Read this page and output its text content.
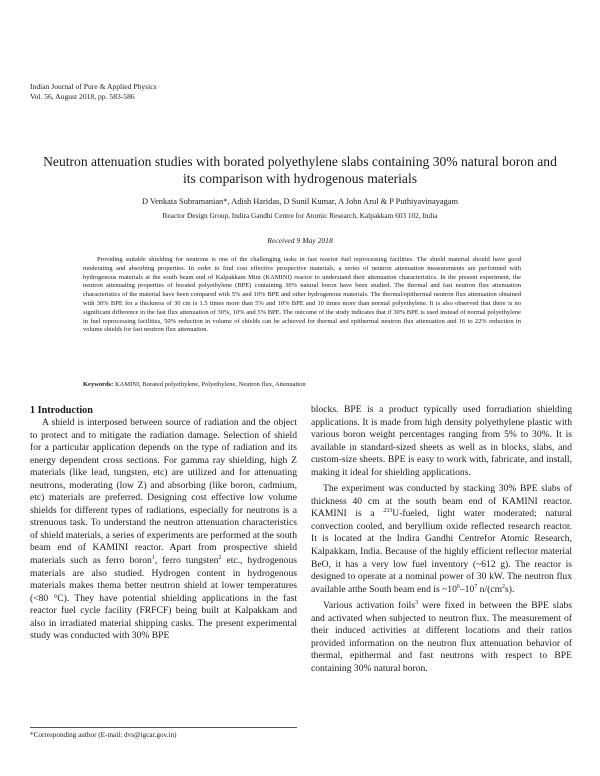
Indian Journal of Pure & Applied Physics
Vol. 56, August 2018, pp. 583-586
Neutron attenuation studies with borated polyethylene slabs containing 30% natural boron and its comparison with hydrogenous materials
D Venkata Subramanian*, Adish Haridas, D Sunil Kumar, A John Arul & P Puthiyavinayagam
Reactor Design Group, Indira Gandhi Centre for Atomic Research, Kalpakkam 603 102, India
Received 9 May 2018
Providing suitable shielding for neutrons is one of the challenging tasks in fast reactor fuel reprocessing facilities. The shield material should have good moderating and absorbing properties. In order to find cost effective prospective materials, a series of neutron attenuation measurements are performed with hydrogenous materials at the south beam end of Kalpakkam Mini (KAMINI) reactor to understand their attenuation characteristics. In the present experiment, the neutron attenuating properties of borated polyethylene (BPE) containing 30% natural boron have been studied. The thermal and fast neutron flux attenuation characteristics of the material have been compared with 5% and 10% BPE and other hydrogenous materials. The thermal/epithermal neutron flux attenuation obtained with 30% BPE for a thickness of 30 cm is 1.5 times more than 5% and 10% BPE and 10 times more than normal polyethylene. It is also observed that there is no significant difference in the fast flux attenuation of 30%, 10% and 5% BPE. The outcome of the study indicates that if 30% BPE is used instead of normal polyethylene in fuel reprocessing facilities, 50% reduction in volume of shields can be achieved for thermal and epithermal neutron flux attenuation and 16 to 22% reduction in volume shields for fast neutron flux attenuation.
Keywords: KAMINI, Borated polyethylene, Polyethylene, Neutron flux, Attenuation
1 Introduction

A shield is interposed between source of radiation and the object to protect and to mitigate the radiation damage. Selection of shield for a particular application depends on the type of radiation and its energy dependent cross sections. For gamma ray shielding, high Z materials (like lead, tungsten, etc) are utilized and for attenuating neutrons, moderating (low Z) and absorbing (like boron, cadmium, etc) materials are preferred. Designing cost effective low volume shields for different types of radiations, especially for neutrons is a strenuous task. To understand the neutron attenuation characteristics of shield materials, a series of experiments are performed at the south beam end of KAMINI reactor. Apart from prospective shield materials such as ferro boron$^1$, ferro tungsten$^2$ etc., hydrogenous materials are also studied. Hydrogen content in hydrogenous materials makes thema better neutron shield at lower temperatures (<80 °C). They have potential shielding applications in the fast reactor fuel cycle facility (FRFCF) being built at Kalpakkam and also in irradiated material shipping casks. The present experimental study was conducted with 30% BPE

blocks. BPE is a product typically used forradiation shielding applications. It is made from high density polyethylene plastic with various boron weight percentages ranging from 5% to 30%. It is available in standard-sized sheets as well as in blocks, slabs, and custom-size sheets. BPE is easy to work with, fabricate, and install, making it ideal for shielding applications.

The experiment was conducted by stacking 30% BPE slabs of thickness 40 cm at the south beam end of KAMINI reactor. KAMINI is a $^{233}$U-fueled, light water moderated; natural convection cooled, and beryllium oxide reflected research reactor. It is located at the Indira Gandhi Centrefor Atomic Research, Kalpakkam, India. Because of the highly efficient reflector material BeO, it has a very low fuel inventory (~612 g). The reactor is designed to operate at a nominal power of 30 kW. The neutron flux available atthe South beam end is $\sim 10^6-10^7$ $n/(cm^2s)$.

Various activation foils$^3$ were fixed in between the BPE slabs and activated when subjected to neutron flux. The measurement of their induced activities at different locations and their ratios provided information on the neutron flux attenuation behavior of thermal, epithermal and fast neutrons with respect to BPE containing 30% natural boron.

*Corresponding author (E-mail: dvs@igcar.gov.in)
